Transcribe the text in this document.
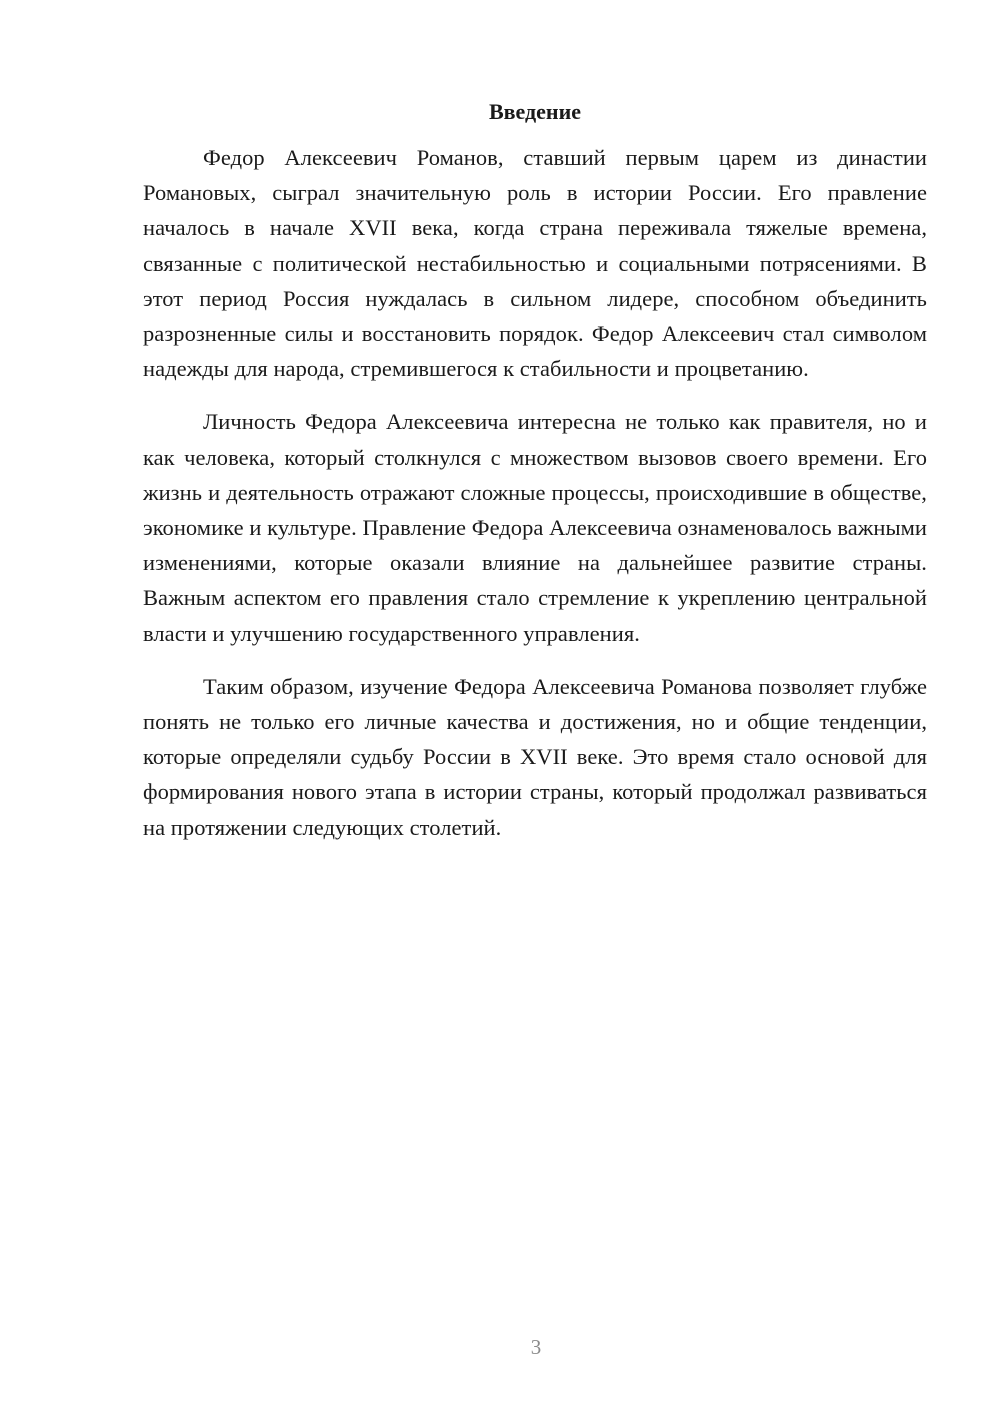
Введение

Федор Алексеевич Романов, ставший первым царем из династии Романовых, сыграл значительную роль в истории России. Его правление началось в начале XVII века, когда страна переживала тяжелые времена, связанные с политической нестабильностью и социальными потрясениями. В этот период Россия нуждалась в сильном лидере, способном объединить разрозненные силы и восстановить порядок. Федор Алексеевич стал символом надежды для народа, стремившегося к стабильности и процветанию.

Личность Федора Алексеевича интересна не только как правителя, но и как человека, который столкнулся с множеством вызовов своего времени. Его жизнь и деятельность отражают сложные процессы, происходившие в обществе, экономике и культуре. Правление Федора Алексеевича ознаменовалось важными изменениями, которые оказали влияние на дальнейшее развитие страны. Важным аспектом его правления стало стремление к укреплению центральной власти и улучшению государственного управления.

Таким образом, изучение Федора Алексеевича Романова позволяет глубже понять не только его личные качества и достижения, но и общие тенденции, которые определяли судьбу России в XVII веке. Это время стало основой для формирования нового этапа в истории страны, который продолжал развиваться на протяжении следующих столетий.

3
